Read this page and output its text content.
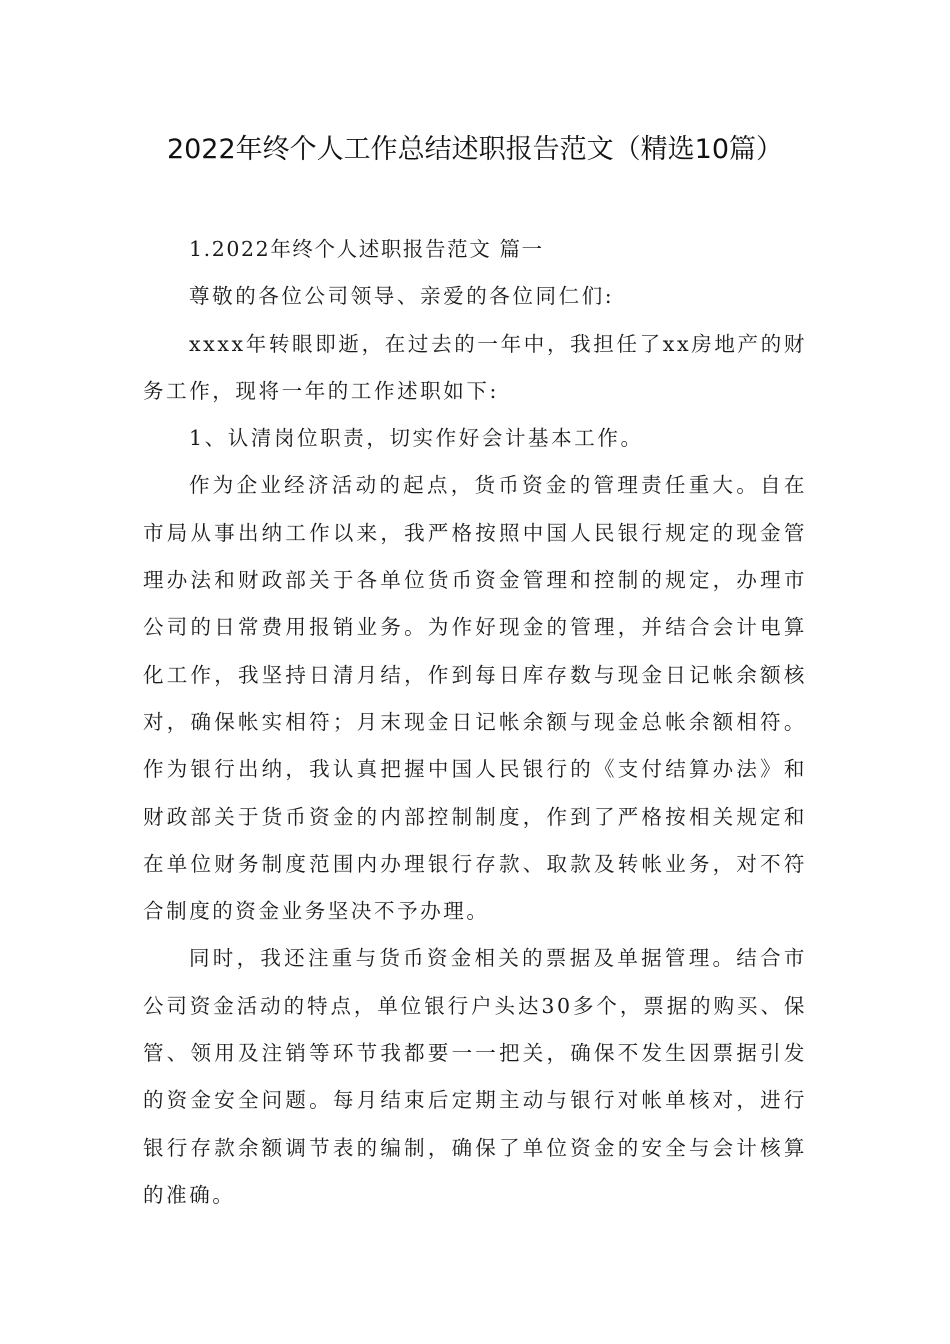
2022年终个人工作总结述职报告范文（精选10篇）

1.2022年终个人述职报告范文 篇一

尊敬的各位公司领导、亲爱的各位同仁们:

xxxx年转眼即逝，在过去的一年中，我担任了xx房地产的财务工作，现将一年的工作述职如下:

1、认清岗位职责，切实作好会计基本工作。

作为企业经济活动的起点，货币资金的管理责任重大。自在市局从事出纳工作以来，我严格按照中国人民银行规定的现金管理办法和财政部关于各单位货币资金管理和控制的规定，办理市公司的日常费用报销业务。为作好现金的管理，并结合会计电算化工作，我坚持日清月结，作到每日库存数与现金日记帐余额核对，确保帐实相符；月末现金日记帐余额与现金总帐余额相符。作为银行出纳，我认真把握中国人民银行的《支付结算办法》和财政部关于货币资金的内部控制制度，作到了严格按相关规定和在单位财务制度范围内办理银行存款、取款及转帐业务，对不符合制度的资金业务坚决不予办理。

同时，我还注重与货币资金相关的票据及单据管理。结合市公司资金活动的特点，单位银行户头达30多个，票据的购买、保管、领用及注销等环节我都要一一把关，确保不发生因票据引发的资金安全问题。每月结束后定期主动与银行对帐单核对，进行银行存款余额调节表的编制，确保了单位资金的安全与会计核算的准确。
